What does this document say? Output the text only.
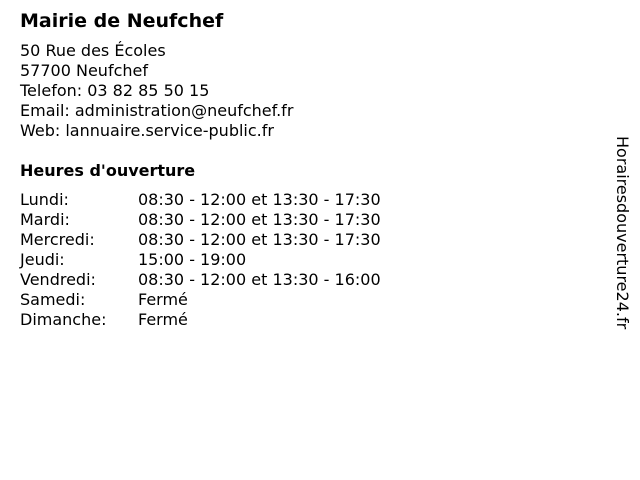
Mairie de Neufchef
50 Rue des Écoles
57700 Neufchef
Telefon: 03 82 85 50 15
Email: administration@neufchef.fr
Web: lannuaire.service-public.fr
Heures d'ouverture
Lundi:	08:30 - 12:00 et 13:30 - 17:30
Mardi:	08:30 - 12:00 et 13:30 - 17:30
Mercredi:	08:30 - 12:00 et 13:30 - 17:30
Jeudi:	15:00 - 19:00
Vendredi:	08:30 - 12:00 et 13:30 - 16:00
Samedi:	Fermé
Dimanche:	Fermé	Horairesdouverture24.fr
